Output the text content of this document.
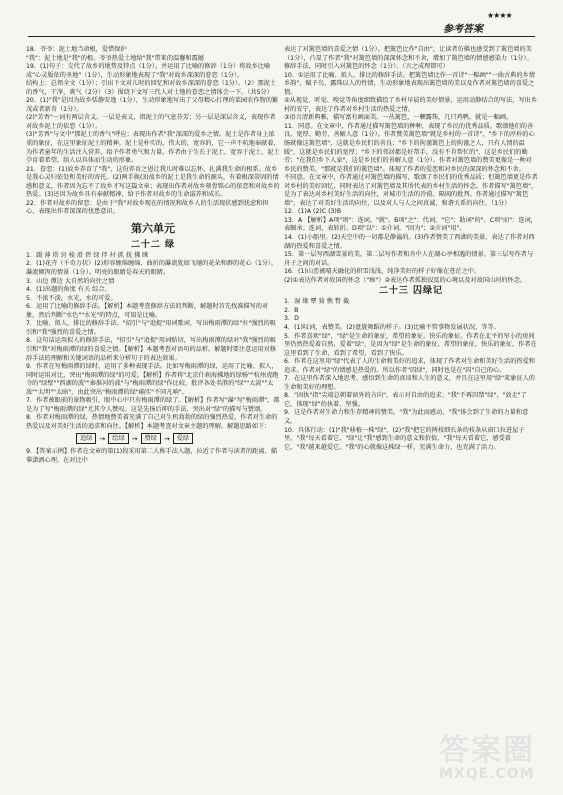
参考答案
★★★★

18．爷爷：泥土地当命根，爱惜保护

"我"：泥土地是"我"的根。爷爷热爱土地给"我"带来的温馨和震撼

19．(1)句子：交代了故乡的地势及特点（1分）。并运用了比喻的修辞（1分）将故乡比喻成"心灵版依的圣地"（1分），生动形象地表现了"我"对故乡深深的眷恋（1分）。

结构上：总领全文（1分）；引出下文对儿时的回忆和对故乡深深的眷恋（1分）。（2）那泥土的香气，干净，爽气（2分）（3）围绕下文写三代人对土地的眷恋之情体会一下。（共5分）

20．(1)"我"是因为故乡恬静安逸（1分），生动形象地写出了父母精心打理的菜园农作物的繁茂或者新奇（1分）。

(2)"芳香"一词有两层含义。一层是表义，指泥土的气息芬芳；另一层是深层含义，表现作者对故乡泥土的依恋（1分）。

(3)"芳香"与文中"那泥土的香气"呼应；表现出作者"我"深深的爱乡之情。泥土是作者身上浓重的象征，在这里象征泥土的精神。泥土是朴实的，伟大的，宽容的，它一声不吭地奉献着，为作者童年的生活注入营养，给予作者勇气和力量。作者由于生长于泥土，宽容于泥土，泥土孕育着希望，给人以具体而生动的形象。

21．眷恋：(1)故乡养育了"我"，这份养育之恩让我儿时难以忘怀，扎满我生命的根系。故乡是我心灵归依处和美好的寄托。(2)两手换(3)故乡的泥土是我生命的源头，有着根深蒂固的情感和意义，作者因为忘不了故乡才写这篇文章；表现出作者对故乡刻骨铭心的依恋和对故乡的热爱。(3)还因为故乡具有奉献精神，给予作者对故乡的生命滋养和成长。

22．作者对故乡的留恋：是由于"我"对故乡现在的情况和故乡人的生活现状感到忧虑和担心，表现出作者深深的忧患意识。

第六单元
二十二 绿

1．蹑 薄 塔 窍 棱 滑 碧 绿 伴 衬 抓 抚 拂 睐

2．(1)花卉（千奇万状）(2)形容缠绵缠绵，曲折的瀑流犹如飞驰的花朵和群的花心（1分）。瀑流倾泻的情景（1分）。明亮的眼睛是春天的眼睛。

3．山边 潭边 大自然的向往之情

4．(1)出题的角度 有关 综合。

5．不浓不淡，水光，水的可爱。

6．运用了比喻的修辞手法。【解析】本题考查修辞方法的判断，解题时首先找准描写的对象，然后判断"水色""水光"的特点，可知是比喻。

7．比喻、拟人、排比的修辞手法。"招引"与"追捉"用词歌词，写出梅雨潭的绿"有"强烈的吸引和"我"强烈的喜爱之情。

8．这句话运用拟人的修辞手法，"招引"与"追捉"用词贴切，写出梅雨潭的绿对"我"强烈的吸引和"我"对梅雨潭的绿的喜爱之情。【解析】本题考查对语句的品析。解题时要注意运用对修辞手法的理解和关键词语的品析来分析句子的表达效果。

9．作者在写梅雨潭的绿时，运用了多种表现手法。比如写梅雨潭的绿，运用了比喻、拟人，同时运用对比，突出"梅雨潭的绿"的可爱。【解析】作者将"北京什刹海拂地的绿杨""杭州虎跑寺的"绿壁""西湖的波""秦淮河的波"与"梅雨潭的绿"作比较，批评各处名胜的"绿""太淡""太浓""太明""太暗"，由此突出"梅雨潭的绿"确实"不同凡响"。

7．作者被眼前的景物吸引，眼中心中只有梅雨潭的绿了。【解析】作者写"瀑"写"梅雨潭"，都是为了写"梅雨潭的绿"尤其令人赞叹。这是先扬后抑的手法，突出对"绿"的描写与赞颂。

8．作者对梅雨潭的绿，热情地赞美着充满了自己对生机勃勃的绿的强烈热爱，作者对生命的热爱以及对美好生活的追求和向往。【解析】本题考查对文章主题的理解。解题思路如下：

追绿	→	绘绿	→	赞绿	→	爱绿

9．【答案示例】作者在文章的第(1)段采用第二人称手法入题，拉近了作者与读者的距离，描摹潇洒心理，在对比中

表达了对篱笆墙的喜爱之情（1分）。把篱笆比作"自由"，让读者仿佛也感受到了篱笆墙的美（1分），凸显了作者"我"对篱笆墙的深深怀念和不舍，增加了篱笆墙的情感感染力（1分）。修辞手法，同时引入对篱笆的怀念（1分）。（言之成理即可）

10．①运用了比喻、拟人、排比的修辞手法。把篱笆墙比作一首诗"一幅画""一曲古典的乡情乡韵"，赋予鸟、露珠以人的性情，生动形象地表现出篱笆墙的美以及作者对篱笆墙的喜爱之情。

②从视觉、听觉、嗅觉等角度细致描绘了乡村早晨的美好情景，运用动静结合的写法，写出乡村的安宁，表达了作者对乡村生活的热爱之情。

③语言清新典雅，描写富有画面美。一丛篱笆，一颗露珠，几只鸡鸭，就是一幅画。

11．同意。在文章中，作者通过描写篱笆墙的种种，表现了乡民的优秀品质，歌颂他们的善良、宽厚、勤劳、善解人意（1分）。作者赞美篱笆墙"就是乡村的一首诗"，"乡下的淳朴的心肠就像这篱笆墙"，这就是乡民们的善良；"乡下的拘谨篱笆上的拘谨之人，只有人情的温暖"，这就是乡民们的宽厚；"乡下的邻居都是好帮手，没有不肯帮忙的"，这是乡民们的勤劳；"在我们乡下人家"，这是乡民们的善解人意（1分）。作者对篱笆墙的赞美更像是一种对乡民的赞美，"那就是我们的篱笆墙"。体现了作者的爱恋和对乡民的深深的怀念和不舍。

不同意。在文章中，作者通过对篱笆墙的描写，歌颂了乡民们的优秀品质；但篱笆墙更是作者对乡村的美好回忆，同时表达了对篱笆墙及其所代表的乡村生活的怀念。作者描写"篱笆墙"，是为了表达对乡村美好生活的向往，对城市生活的冷漠、隔阂的批判。作者通过描写"篱笆墙"，表达了对美好生活的向往，以及对人与人之间真诚、和谐关系的向往。（1分）

12．(1)A (2)C (3)B

13．A 【解析】A项"则"：连词，"就"。B项"之"：代词，"它"；助词"的"。C项"而"：连词，表顺承；连词，表转折。D项"以"：①介词，"因为"；②介词"用"。

14．(1)小船里。(2)天空中的一切都是静谧的。(3)作者赞美了西湖的美景，表达了作者对西湖的热爱和喜爱之情。

15．第一层写西湖雪景的美。第二层写作者和舟中人在湖心亭相遇的情景。第三层写作者与舟子之间的对话。

16．(1)山峦被晴天融化的积雪浅浅，纯净美好的样子好像在苍茫之中。

(2)①表达作者对故国的怀念（"痴"）②表达作者孤独寂寞的心境以及对故国山河的怀念。

二十三 囚绿记

1．湿 缘 覃 猗 憔 瞥 截

2．B

3．D

4．(1)叹词，表赞美。(2)盘旋舞蹈的样子。(3)比喻不管事物发展状况，等等。

5．作者喜欢"绿"，"绿"是生命的象征，希望的象征，快乐的象征。作者在北平的窄小的房间里仍然热爱着自然，爱着"绿"，是因为"绿"是生命的象征，希望的象征，快乐的象征，作者在这里看到了生命，看到了希望，看到了快乐。

6．作者在这里用"绿"代表了人的生命和美好的追求，体现了作者对生命和美好生活的热爱和追求。作者对"绿"的情感是热爱的。所以作者"囚绿"，同时也是在"囚"自己的心。

7．在这里作者深入地思考，感悟到生命的真谛和人生的意义，并且在这里用"绿"来象征人的生命和美好的理想。

8．"固执"指"尖端总朝着窗外的方向"，表示对自由的追求；"我"不再囚禁"绿"，"放走"了它，体现"绿"的执着、坚强。

9．这是作者对生命力和生存精神的赞美，"我"为此而感动，"我"体会到了生命的力量和意义。

10．具体行动：(1)"我"移植一株"绿"。(2)"我"把它的两枝细长条的枝条从窗口拉进屋子里，"我"每天看着它，"绿"让"我"感到生命的意义和价值，"我"每天看着它，感受着它，"我"越来越爱它。"我"的心就像这株绿一样，充满生命力，也充满了活力。

答案圈
MXQE.COM
